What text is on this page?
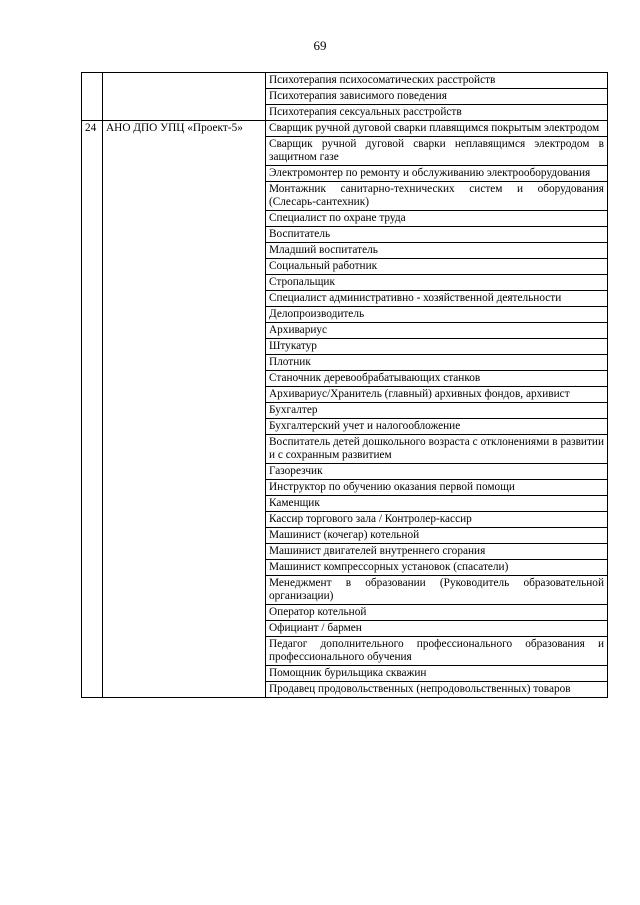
69
		Психотерапия психосоматических расстройств
		Психотерапия зависимого поведения
		Психотерапия сексуальных расстройств
24	АНО ДПО УПЦ «Проект-5»	Сварщик ручной дуговой сварки плавящимся покрытым электродом
		Сварщик ручной дуговой сварки неплавящимся электродом в защитном газе
		Электромонтер по ремонту и обслуживанию электрооборудования
		Монтажник санитарно-технических систем и оборудования (Слесарь-сантехник)
		Специалист по охране труда
		Воспитатель
		Младший воспитатель
		Социальный работник
		Стропальщик
		Специалист административно - хозяйственной деятельности
		Делопроизводитель
		Архивариус
		Штукатур
		Плотник
		Станочник деревообрабатывающих станков
		Архивариус/Хранитель (главный) архивных фондов, архивист
		Бухгалтер
		Бухгалтерский учет и налогообложение
		Воспитатель детей дошкольного возраста с отклонениями в развитии и с сохранным развитием
		Газорезчик
		Инструктор по обучению оказания первой помощи
		Каменщик
		Кассир торгового зала / Контролер-кассир
		Машинист (кочегар) котельной
		Машинист двигателей внутреннего сгорания
		Машинист компрессорных установок (спасатели)
		Менеджмент в образовании (Руководитель образовательной организации)
		Оператор котельной
		Официант / бармен
		Педагог дополнительного профессионального образования и профессионального обучения
		Помощник бурильщика скважин
		Продавец продовольственных (непродовольственных) товаров
